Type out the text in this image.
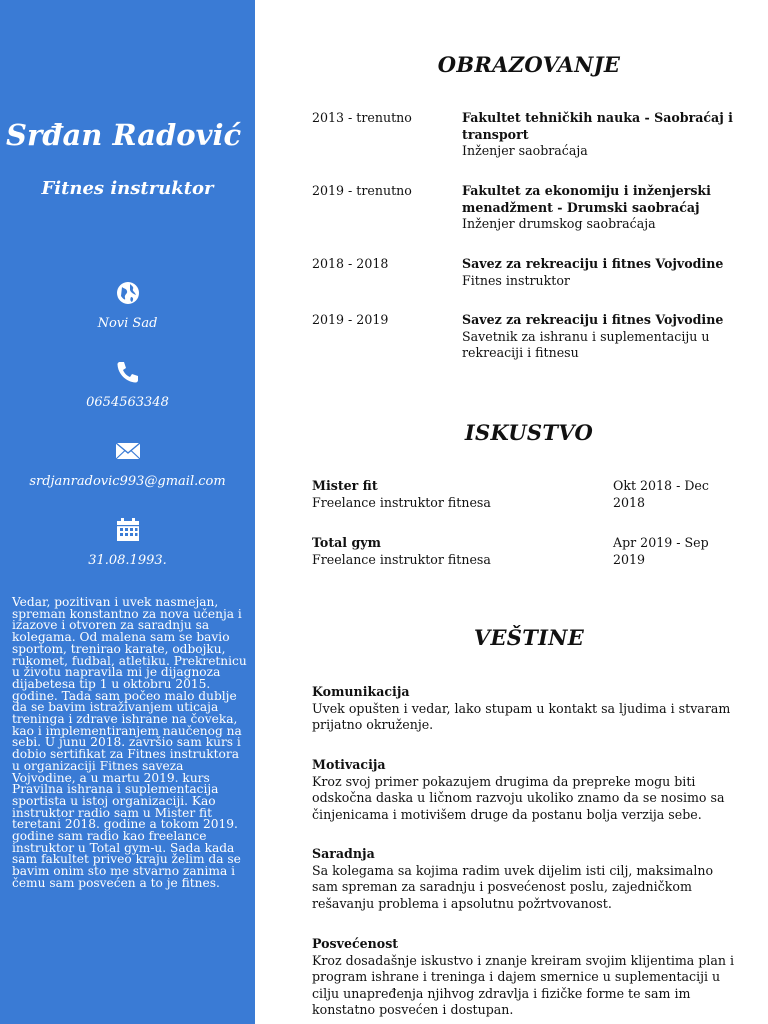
Srđan Radović
Fitnes instruktor
Novi Sad
0654563348
srdjanradovic993@gmail.com
31.08.1993.
Vedar, pozitivan i uvek nasmejan, spreman konstantno za nova učenja i izazove i otvoren za saradnju sa kolegama. Od malena sam se bavio sportom, trenirao karate, odbojku, rukomet, fudbal, atletiku. Prekretnicu u životu napravila mi je dijagnoza dijabetesa tip 1 u oktobru 2015. godine. Tada sam počeo malo dublje da se bavim istraživanjem uticaja treninga i zdrave ishrane na čoveka, kao i implementiranjem naučenog na sebi. U junu 2018. završio sam kurs i dobio sertifikat za Fitnes instruktora u organizaciji Fitnes saveza Vojvodine, a u martu 2019. kurs Pravilna ishrana i suplementacija sportista u istoj organizaciji. Kao instruktor radio sam u Mister fit teretani 2018. godine a tokom 2019. godine sam radio kao freelance instruktor u Total gym-u. Sada kada sam fakultet priveo kraju želim da se bavim onim sto me stvarno zanima i čemu sam posvećen a to je fitnes.
OBRAZOVANJE
2013 - trenutno	Fakultet tehničkih nauka - Saobraćaj i transport
Inženjer saobraćaja
2019 - trenutno	Fakultet za ekonomiju i inženjerski menadžment - Drumski saobraćaj
Inženjer drumskog saobraćaja
2018 - 2018	Savez za rekreaciju i fitnes Vojvodine
Fitnes instruktor
2019 - 2019	Savez za rekreaciju i fitnes Vojvodine
Savetnik za ishranu i suplementaciju u rekreaciji i fitnesu
ISKUSTVO
Mister fit
Freelance instruktor fitnesa
Okt 2018 - Dec 2018
Total gym
Freelance instruktor fitnesa
Apr 2019 - Sep 2019
VEŠTINE
Komunikacija
Uvek opušten i vedar, lako stupam u kontakt sa ljudima i stvaram prijatno okruženje.
Motivacija
Kroz svoj primer pokazujem drugima da prepreke mogu biti odskočna daska u ličnom razvoju ukoliko znamo da se nosimo sa činjenicama i motivišem druge da postanu bolja verzija sebe.
Saradnja
Sa kolegama sa kojima radim uvek dijelim isti cilj, maksimalno sam spreman za saradnju i posvećenost poslu, zajedničkom rešavanju problema i apsolutnu požrtvovanost.
Posvećenost
Kroz dosadašnje iskustvo i znanje kreiram svojim klijentima plan i program ishrane i treninga i dajem smernice u suplementaciji u cilju unapređenja njihvog zdravlja i fizičke forme te sam im konstatno posvećen i dostupan.
